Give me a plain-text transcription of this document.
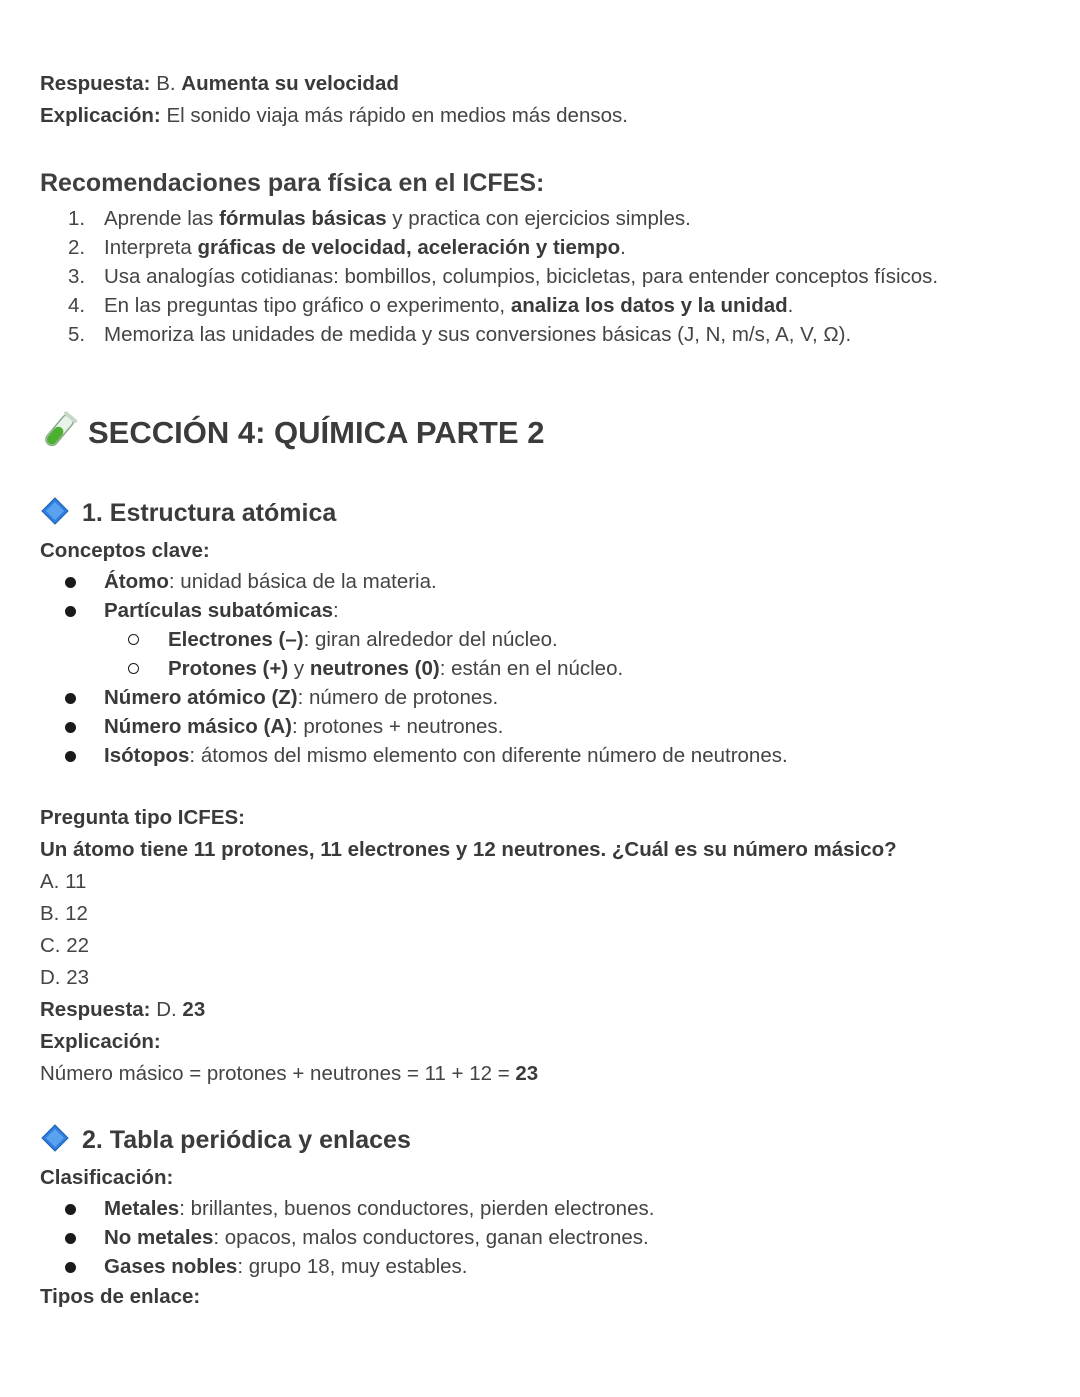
Respuesta: B. Aumenta su velocidad
Explicación: El sonido viaja más rápido en medios más densos.
Recomendaciones para física en el ICFES:
1. Aprende las fórmulas básicas y practica con ejercicios simples.
2. Interpreta gráficas de velocidad, aceleración y tiempo.
3. Usa analogías cotidianas: bombillos, columpios, bicicletas, para entender conceptos físicos.
4. En las preguntas tipo gráfico o experimento, analiza los datos y la unidad.
5. Memoriza las unidades de medida y sus conversiones básicas (J, N, m/s, A, V, Ω).
SECCIÓN 4: QUÍMICA PARTE 2
1. Estructura atómica
Conceptos clave:
Átomo: unidad básica de la materia.
Partículas subatómicas:
Electrones (–): giran alrededor del núcleo.
Protones (+) y neutrones (0): están en el núcleo.
Número atómico (Z): número de protones.
Número másico (A): protones + neutrones.
Isótopos: átomos del mismo elemento con diferente número de neutrones.
Pregunta tipo ICFES:
Un átomo tiene 11 protones, 11 electrones y 12 neutrones. ¿Cuál es su número másico?
A. 11
B. 12
C. 22
D. 23
Respuesta: D. 23
Explicación:
Número másico = protones + neutrones = 11 + 12 = 23
2. Tabla periódica y enlaces
Clasificación:
Metales: brillantes, buenos conductores, pierden electrones.
No metales: opacos, malos conductores, ganan electrones.
Gases nobles: grupo 18, muy estables.
Tipos de enlace:
